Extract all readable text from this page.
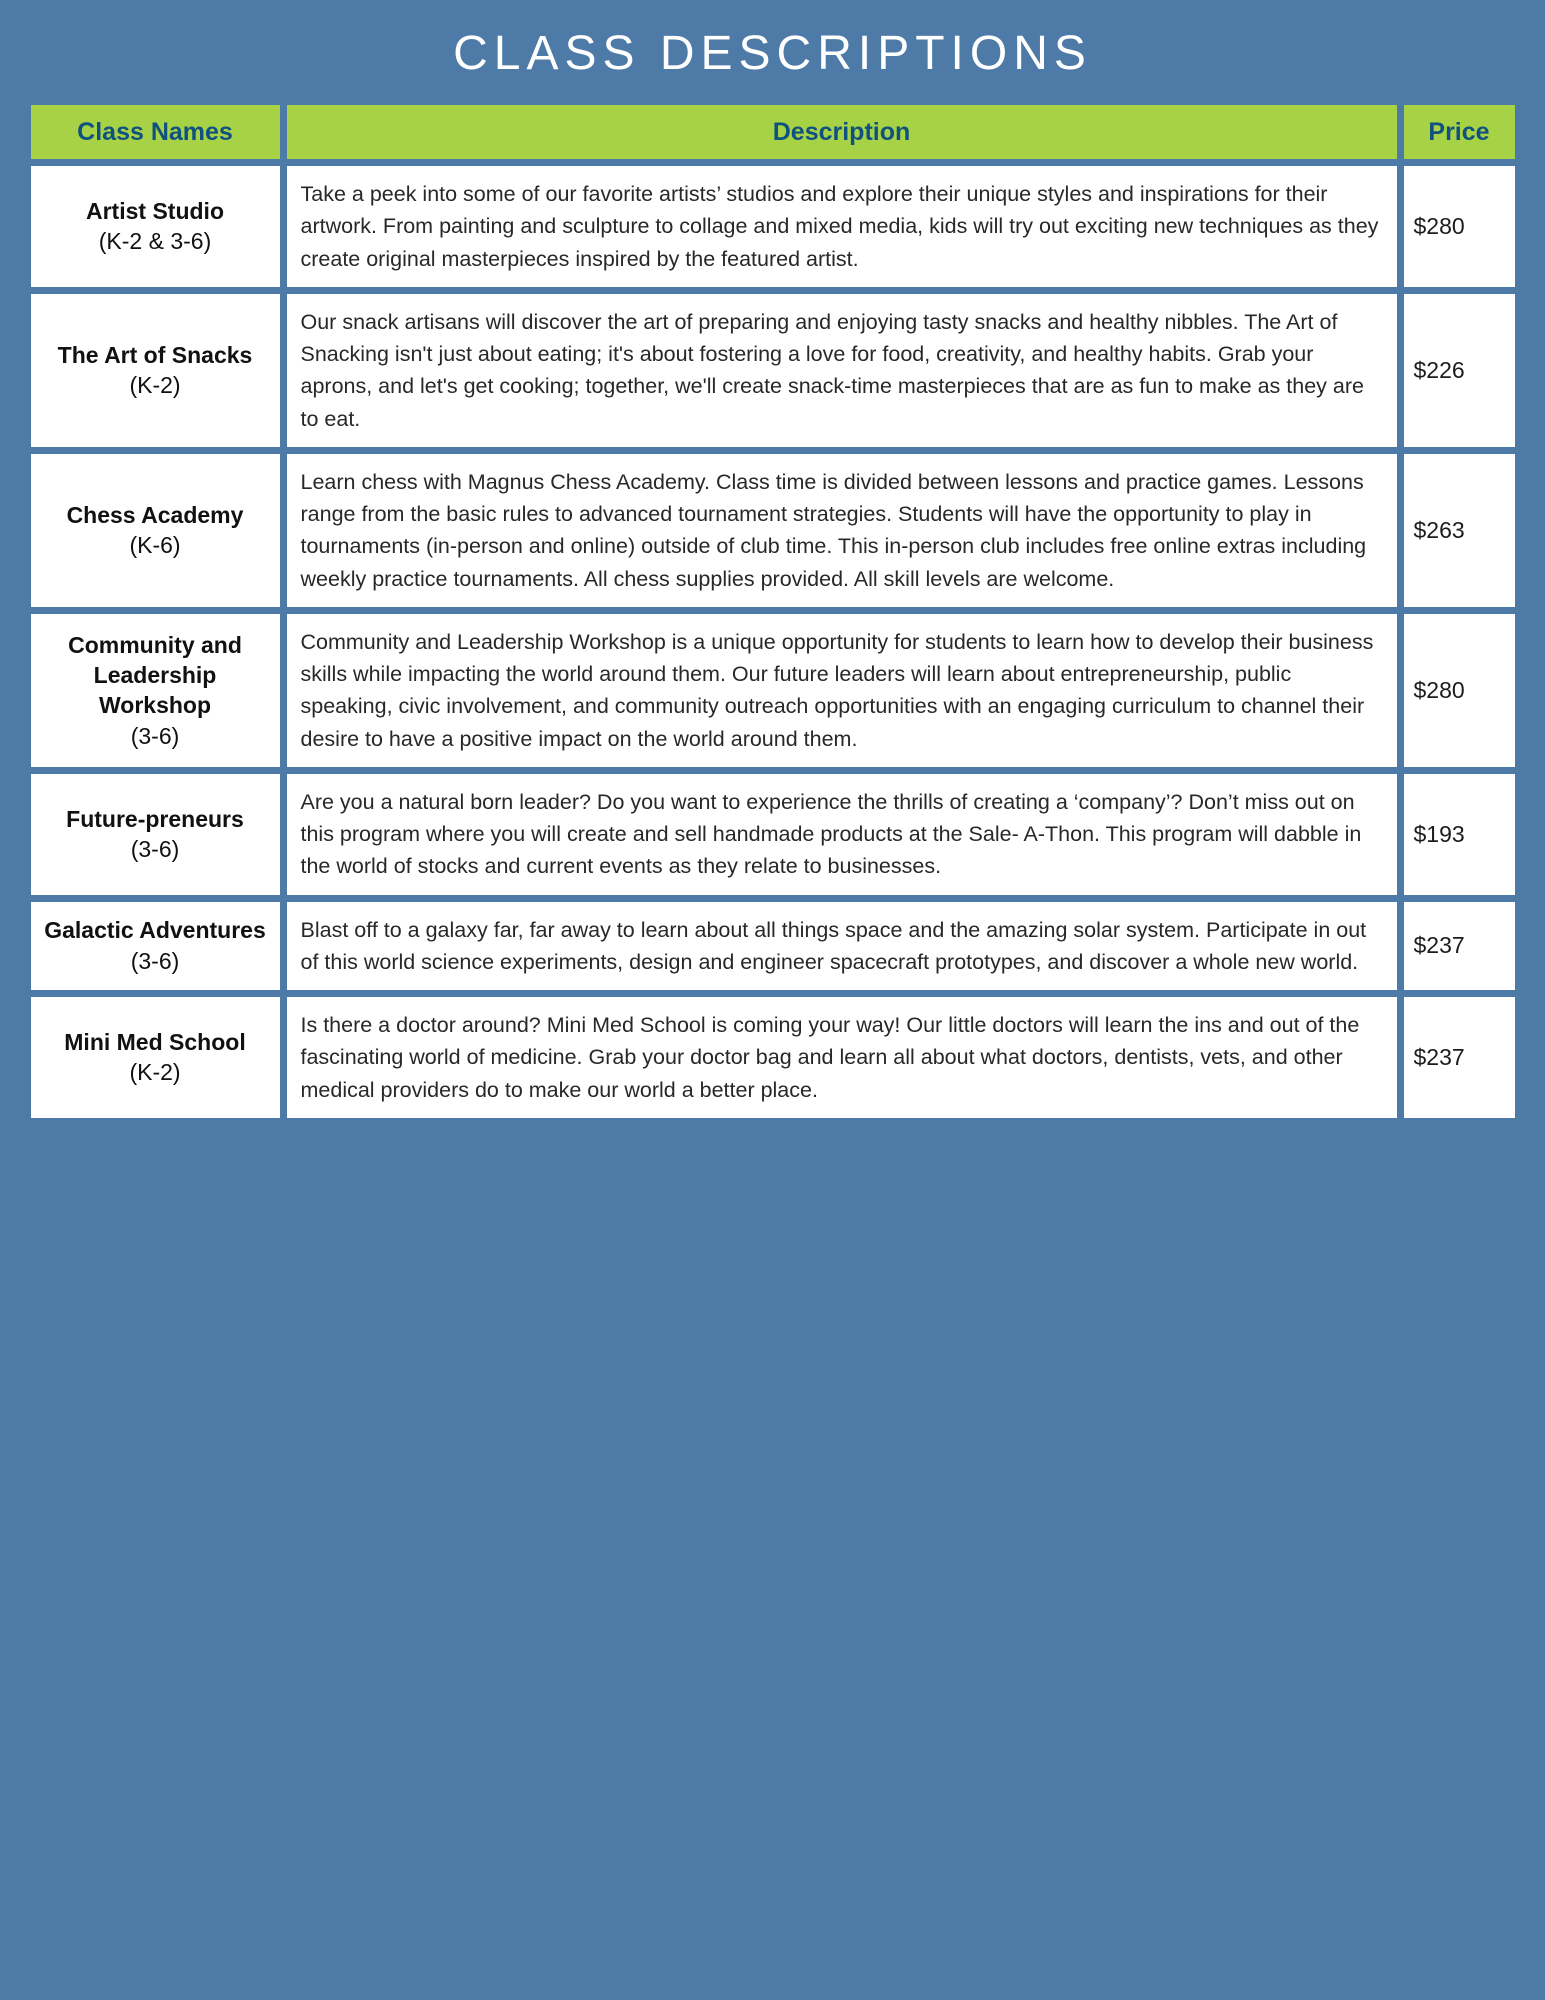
CLASS DESCRIPTIONS
Class Names	Description	Price

Artist Studio
(K-2 & 3-6)	Take a peek into some of our favorite artists’ studios and explore their unique styles and inspirations for their artwork. From painting and sculpture to collage and mixed media, kids will try out exciting new techniques as they create original masterpieces inspired by the featured artist.	$280

The Art of Snacks
(K-2)	Our snack artisans will discover the art of preparing and enjoying tasty snacks and healthy nibbles. The Art of Snacking isn't just about eating; it's about fostering a love for food, creativity, and healthy habits. Grab your aprons, and let's get cooking; together, we'll create snack-time masterpieces that are as fun to make as they are to eat.	$226

Chess Academy
(K-6)	Learn chess with Magnus Chess Academy. Class time is divided between lessons and practice games. Lessons range from the basic rules to advanced tournament strategies. Students will have the opportunity to play in tournaments (in-person and online) outside of club time. This in-person club includes free online extras including weekly practice tournaments. All chess supplies provided. All skill levels are welcome.	$263

Community and Leadership Workshop
(3-6)	Community and Leadership Workshop is a unique opportunity for students to learn how to develop their business skills while impacting the world around them. Our future leaders will learn about entrepreneurship, public speaking, civic involvement, and community outreach opportunities with an engaging curriculum to channel their desire to have a positive impact on the world around them.	$280

Future-preneurs
(3-6)	Are you a natural born leader? Do you want to experience the thrills of creating a ‘company’? Don’t miss out on this program where you will create and sell handmade products at the Sale- A-Thon. This program will dabble in the world of stocks and current events as they relate to businesses.	$193

Galactic Adventures
(3-6)	Blast off to a galaxy far, far away to learn about all things space and the amazing solar system. Participate in out of this world science experiments, design and engineer spacecraft prototypes, and discover a whole new world.	$237

Mini Med School
(K-2)	Is there a doctor around? Mini Med School is coming your way! Our little doctors will learn the ins and out of the fascinating world of medicine. Grab your doctor bag and learn all about what doctors, dentists, vets, and other medical providers do to make our world a better place.	$237
